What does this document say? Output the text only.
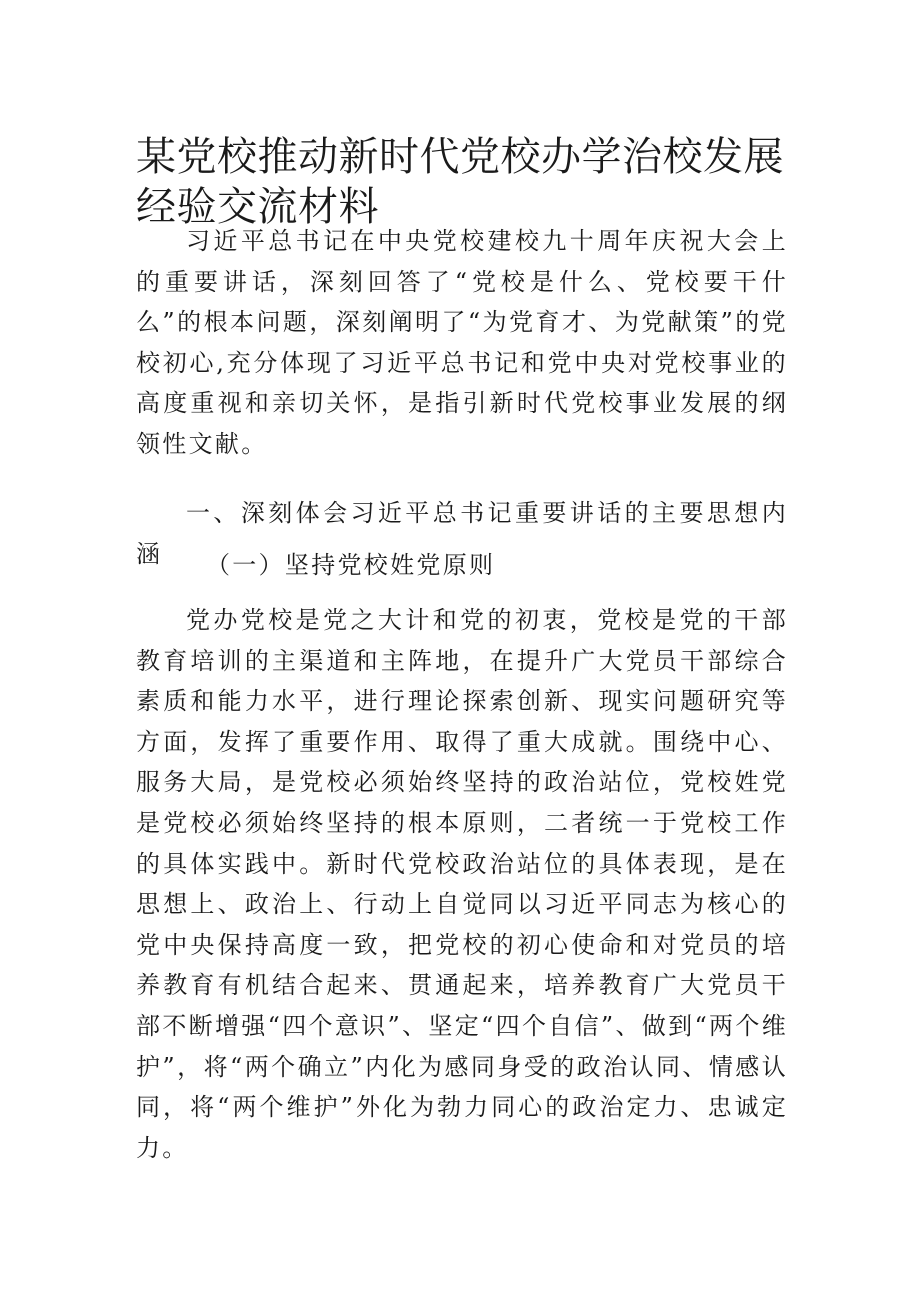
某党校推动新时代党校办学治校发展经验交流材料

习近平总书记在中央党校建校九十周年庆祝大会上的重要讲话，深刻回答了“党校是什么、党校要干什么”的根本问题，深刻阐明了“为党育才、为党献策”的党校初心,充分体现了习近平总书记和党中央对党校事业的高度重视和亲切关怀，是指引新时代党校事业发展的纲领性文献。

一、深刻体会习近平总书记重要讲话的主要思想内涵	（一）坚持党校姓党原则

党办党校是党之大计和党的初衷，党校是党的干部教育培训的主渠道和主阵地，在提升广大党员干部综合素质和能力水平，进行理论探索创新、现实问题研究等方面，发挥了重要作用、取得了重大成就。围绕中心、服务大局，是党校必须始终坚持的政治站位，党校姓党是党校必须始终坚持的根本原则，二者统一于党校工作的具体实践中。新时代党校政治站位的具体表现，是在思想上、政治上、行动上自觉同以习近平同志为核心的党中央保持高度一致，把党校的初心使命和对党员的培养教育有机结合起来、贯通起来，培养教育广大党员干部不断增强“四个意识”、坚定“四个自信”、做到“两个维护”，将“两个确立”内化为感同身受的政治认同、情感认同，将“两个维护”外化为勃力同心的政治定力、忠诚定力。
